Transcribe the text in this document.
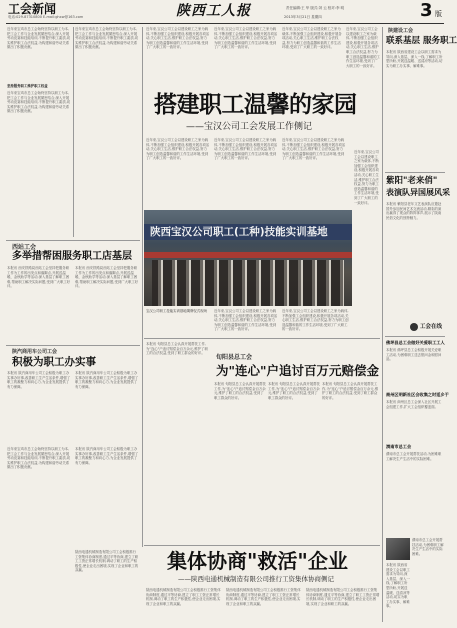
工会新闻
电话:029-87310800 E-mail:ghxw@163.com	陕西工人报	2013年3月21日 星期四
责任编辑:王 华 版式:刘 云 校对:李 明	3 版
近年来宝鸡市总工会始终坚持以职工为本,把工会工作与企业发展紧密结合,深入开展劳动竞赛和技能培训,不断提升职工素质,切实维护职工合法权益,为构建和谐劳动关系做出了积极贡献。
坚持服务职工维护职工权益
近年来宝鸡市总工会始终坚持以职工为本,把工会工作与企业发展紧密结合,深入开展劳动竞赛和技能培训,不断提升职工素质,切实维护职工合法权益,为构建和谐劳动关系做出了积极贡献。
近年来宝鸡市总工会始终坚持以职工为本,把工会工作与企业发展紧密结合,深入开展劳动竞赛和技能培训,不断提升职工素质,切实维护职工合法权益,为构建和谐劳动关系做出了积极贡献。
西站工会
多举措帮困服务职工店基层
本报讯 西安铁路局西站工会坚持把服务职工作为工作的出发点和落脚点,开展送温暖、金秋助学等活动,深入基层了解职工困难,帮助职工解决实际问题,受到广大职工好评。
本报讯 西安铁路局西站工会坚持把服务职工作为工作的出发点和落脚点,开展送温暖、金秋助学等活动,深入基层了解职工困难,帮助职工解决实际问题,受到广大职工好评。
陕汽商用车公司工会
积极为职工办实事
本报讯 陕汽商用车公司工会积极为职工办实事办好事,改善职工生产生活条件,增强了职工的凝聚力和向心力,为企业发展提供了有力保障。
本报讯 陕汽商用车公司工会积极为职工办实事办好事,改善职工生产生活条件,增强了职工的凝聚力和向心力,为企业发展提供了有力保障。
近年来宝鸡市总工会始终坚持以职工为本,把工会工作与企业发展紧密结合,深入开展劳动竞赛和技能培训,不断提升职工素质,切实维护职工合法权益,为构建和谐劳动关系做出了积极贡献。
本报讯 陕汽商用车公司工会积极为职工办实事办好事,改善职工生产生活条件,增强了职工的凝聚力和向心力,为企业发展提供了有力保障。
近年来,宝汉公司工会以建设职工之家为载体,不断加强工会组织建设,积极开展各项活动,关心职工生活,维护职工合法权益,努力为职工创造温馨和谐的工作生活环境,受到了广大职工的一致好评。
近年来,宝汉公司工会以建设职工之家为载体,不断加强工会组织建设,积极开展各项活动,关心职工生活,维护职工合法权益,努力为职工创造温馨和谐的工作生活环境,受到了广大职工的一致好评。
近年来,宝汉公司工会以建设职工之家为载体,不断加强工会组织建设,积极开展各项活动,关心职工生活,维护职工合法权益,努力为职工创造温馨和谐的工作生活环境,受到了广大职工的一致好评。
搭建职工温馨的家园
——宝汉公司工会发展工作侧记
近年来,宝汉公司工会以建设职工之家为载体,不断加强工会组织建设,积极开展各项活动,关心职工生活,维护职工合法权益,努力为职工创造温馨和谐的工作生活环境,受到了广大职工的一致好评。
近年来,宝汉公司工会以建设职工之家为载体,不断加强工会组织建设,积极开展各项活动,关心职工生活,维护职工合法权益,努力为职工创造温馨和谐的工作生活环境,受到了广大职工的一致好评。
近年来,宝汉公司工会以建设职工之家为载体,不断加强工会组织建设,积极开展各项活动,关心职工生活,维护职工合法权益,努力为职工创造温馨和谐的工作生活环境,受到了广大职工的一致好评。
近年来,宝汉公司工会以建设职工之家为载体,不断加强工会组织建设,积极开展各项活动,关心职工生活,维护职工合法权益,努力为职工创造温馨和谐的工作生活环境,受到了广大职工的一致好评。
陕西宝汉公司职工(工种)技能实训基地
宝汉公司职工技能实训基地揭牌仪式现场	近年来,宝汉公司工会以建设职工之家为载体,不断加强工会组织建设,积极开展各项活动,关心职工生活,维护职工合法权益,努力为职工创造温馨和谐的工作生活环境,受到了广大职工的一致好评。
近年来,宝汉公司工会以建设职工之家为载体,不断加强工会组织建设,积极开展各项活动,关心职工生活,维护职工合法权益,努力为职工创造温馨和谐的工作生活环境,受到了广大职工的一致好评。
近年来,宝汉公司工会以建设职工之家为载体,不断加强工会组织建设,积极开展各项活动,关心职工生活,维护职工合法权益,努力为职工创造温馨和谐的工作生活环境,受到了广大职工的一致好评。
本报讯 旬阳县总工会认真开展帮扶工作,为"连心"户追讨赔偿金百万余元,维护了职工的合法权益,受到了职工群众的好评。
旬阳县总工会
为"连心"户追讨百万元赔偿金
本报讯 旬阳县总工会认真开展帮扶工作,为"连心"户追讨赔偿金百万余元,维护了职工的合法权益,受到了职工群众的好评。
本报讯 旬阳县总工会认真开展帮扶工作,为"连心"户追讨赔偿金百万余元,维护了职工的合法权益,受到了职工群众的好评。
本报讯 旬阳县总工会认真开展帮扶工作,为"连心"户追讨赔偿金百万余元,维护了职工的合法权益,受到了职工群众的好评。
集体协商"救活"企业
——陕西电通机械制造有限公司推行工资集体协商侧记
陕西电通机械制造有限公司工会积极推行工资集体协商制度,通过平等协商,建立了职工工资正常增长机制,调动了职工的生产积极性,使企业走出困境,实现了企业和职工的双赢。
陕西电通机械制造有限公司工会积极推行工资集体协商制度,通过平等协商,建立了职工工资正常增长机制,调动了职工的生产积极性,使企业走出困境,实现了企业和职工的双赢。
陕西电通机械制造有限公司工会积极推行工资集体协商制度,通过平等协商,建立了职工工资正常增长机制,调动了职工的生产积极性,使企业走出困境,实现了企业和职工的双赢。
陕西电通机械制造有限公司工会积极推行工资集体协商制度,通过平等协商,建立了职工工资正常增长机制,调动了职工的生产积极性,使企业走出困境,实现了企业和职工的双赢。
陕建设工会
联系基层 服务职工
本报讯 陕西省建设工会以职工需求为导向,深入基层、深入一线,了解职工所思所盼,开展送温暖、送清凉等活动,切实为职工办实事、解难事。
紫阳"老来俏"
表演队异国展风采
本报讯 紫阳县老年文艺表演队应邀赴国外参加民间艺术交流活动,精彩的演出赢得了观众的阵阵掌声,展示了陕南民俗文化的独特魅力。
工会在线
佛坪县总工会做好关爱职工工人
本报讯 佛坪县总工会积极开展关爱职工活动,为困难职工送去慰问金和慰问品。
商州区明新社区会收集之时延乡于
本报讯 商州区总工会深入社区开展工会组建工作,扩大工会组织覆盖面。
渭南市总工会
渭南市总工会开展帮扶活动,为困难职工解决生产生活中的实际困难。
渭南市总工会开展帮扶活动,为困难职工解决生产生活中的实际困难。
本报讯 陕西省建设工会以职工需求为导向,深入基层、深入一线,了解职工所思所盼,开展送温暖、送清凉等活动,切实为职工办实事、解难事。
